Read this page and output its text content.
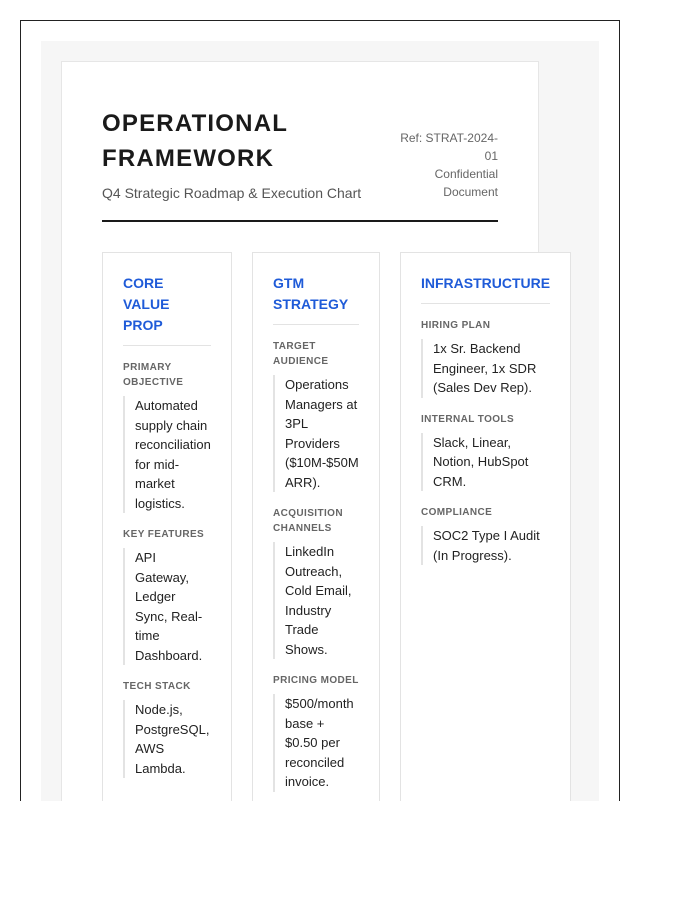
OPERATIONAL FRAMEWORK
Q4 Strategic Roadmap & Execution Chart
Ref: STRAT-2024-01
Confidential Document
CORE VALUE PROP
PRIMARY OBJECTIVE
Automated supply chain reconciliation for mid-market logistics.
KEY FEATURES
API Gateway, Ledger Sync, Real-time Dashboard.
TECH STACK
Node.js, PostgreSQL, AWS Lambda.
GTM STRATEGY
TARGET AUDIENCE
Operations Managers at 3PL Providers ($10M-$50M ARR).
ACQUISITION CHANNELS
LinkedIn Outreach, Cold Email, Industry Trade Shows.
PRICING MODEL
$500/month base + $0.50 per reconciled invoice.
INFRASTRUCTURE
HIRING PLAN
1x Sr. Backend Engineer, 1x SDR (Sales Dev Rep).
INTERNAL TOOLS
Slack, Linear, Notion, HubSpot CRM.
COMPLIANCE
SOC2 Type I Audit (In Progress).
